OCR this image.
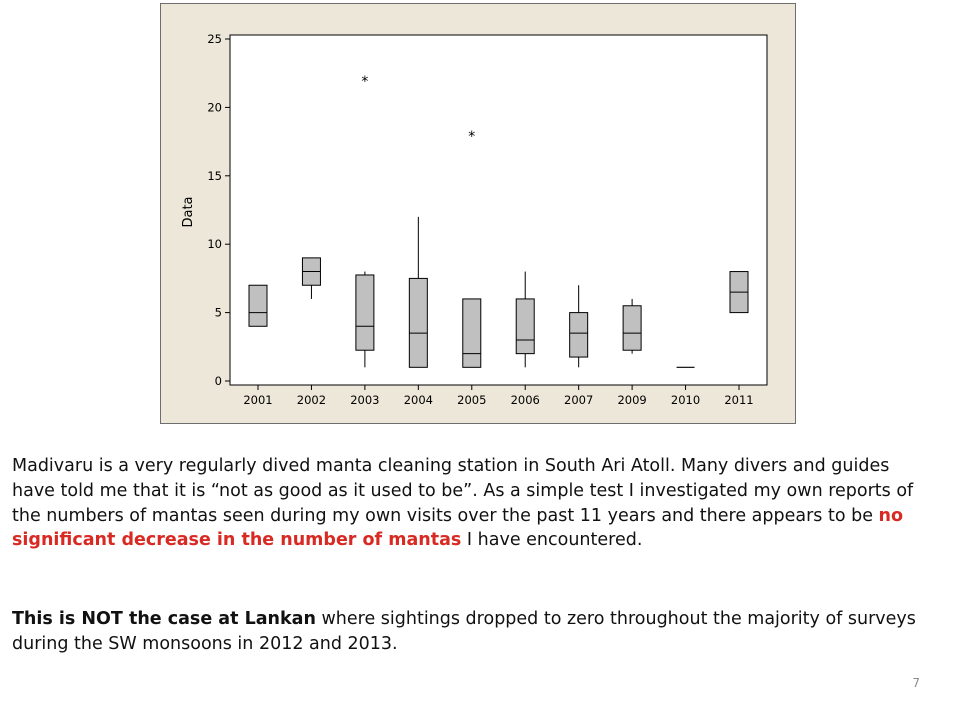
0
5
10
15
20
25
2001 2002 2003 2004 2005 2006 2007 2009 2010 2011
*
*
Data

Madivaru is a very regularly dived manta cleaning station in South Ari Atoll. Many divers and guides have told me that it is “not as good as it used to be”. As a simple test I investigated my own reports of the numbers of mantas seen during my own visits over the past 11 years and there appears to be no significant decrease in the number of mantas I have encountered.

This is NOT the case at Lankan where sightings dropped to zero throughout the majority of surveys during the SW monsoons in 2012 and 2013.

7
